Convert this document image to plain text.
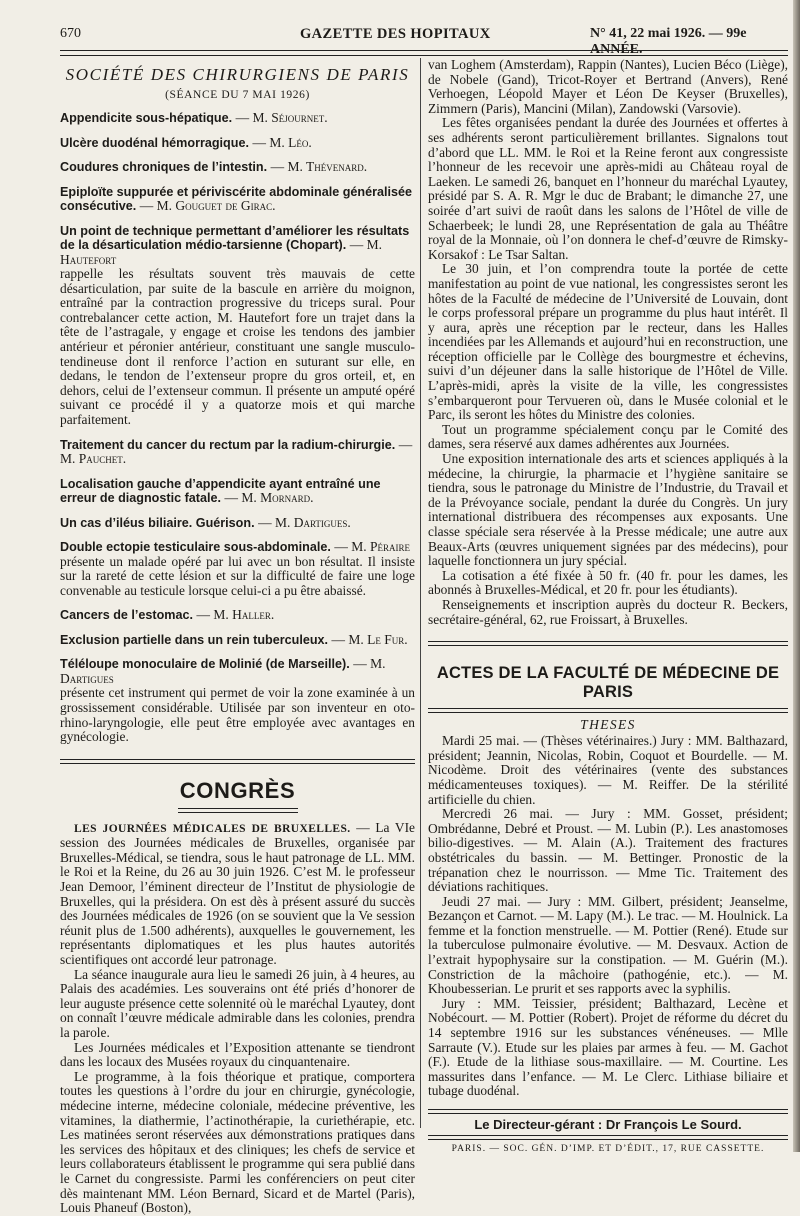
670	GAZETTE DES HOPITAUX	N° 41, 22 mai 1926. — 99e ANNÉE.
SOCIÉTÉ DES CHIRURGIENS DE PARIS
(SÉANCE DU 7 MAI 1926)
Appendicite sous-hépatique. — M. Séjournet.
Ulcère duodénal hémorragique. — M. Léo.
Coudures chroniques de l’intestin. — M. Thévenard.
Epiploïte suppurée et périviscérite abdominale généralisée consécutive. — M. Gouguet de Girac.
Un point de technique permettant d’améliorer les résultats de la désarticulation médio-tarsienne (Chopart). — M. Hautefort

rappelle les résultats souvent très mauvais de cette désarticulation, par suite de la bascule en arrière du moignon, entraîné par la contraction progressive du triceps sural. Pour contrebalancer cette action, M. Hautefort fore un trajet dans la tête de l’astragale, y engage et croise les tendons des jambier antérieur et péronier antérieur, constituant une sangle musculo-tendineuse dont il renforce l’action en suturant sur elle, en dedans, le tendon de l’extenseur propre du gros orteil, et, en dehors, celui de l’extenseur commun. Il présente un amputé opéré suivant ce procédé il y a quatorze mois et qui marche parfaitement.

Traitement du cancer du rectum par la radium-chirurgie. — M. Pauchet.
Localisation gauche d’appendicite ayant entraîné une erreur de diagnostic fatale. — M. Mornard.
Un cas d’iléus biliaire. Guérison. — M. Dartigues.
Double ectopie testiculaire sous-abdominale. — M. Péraire

présente un malade opéré par lui avec un bon résultat. Il insiste sur la rareté de cette lésion et sur la difficulté de faire une loge convenable au testicule lorsque celui-ci a pu être abaissé.

Cancers de l’estomac. — M. Haller.
Exclusion partielle dans un rein tuberculeux. — M. Le Fur.
Téléloupe monoculaire de Molinié (de Marseille). — M. Dartigues

présente cet instrument qui permet de voir la zone examinée à un grossissement considérable. Utilisée par son inventeur en oto-rhino-laryngologie, elle peut être employée avec avantages en gynécologie.

CONGRÈS

LES JOURNÉES MÉDICALES DE BRUXELLES. — La VIe session des Journées médicales de Bruxelles, organisée par Bruxelles-Médical, se tiendra, sous le haut patronage de LL. MM. le Roi et la Reine, du 26 au 30 juin 1926. C’est M. le professeur Jean Demoor, l’éminent directeur de l’Institut de physiologie de Bruxelles, qui la présidera. On est dès à présent assuré du succès des Journées médicales de 1926 (on se souvient que la Ve session réunit plus de 1.500 adhérents), auxquelles le gouvernement, les représentants diplomatiques et les plus hautes autorités scientifiques ont accordé leur patronage.

La séance inaugurale aura lieu le samedi 26 juin, à 4 heures, au Palais des académies. Les souverains ont été priés d’honorer de leur auguste présence cette solennité où le maréchal Lyautey, dont on connaît l’œuvre médicale admirable dans les colonies, prendra la parole.

Les Journées médicales et l’Exposition attenante se tiendront dans les locaux des Musées royaux du cinquantenaire.

Le programme, à la fois théorique et pratique, comportera toutes les questions à l’ordre du jour en chirurgie, gynécologie, médecine interne, médecine coloniale, médecine préventive, les vitamines, la diathermie, l’actinothérapie, la curiethérapie, etc. Les matinées seront réservées aux démonstrations pratiques dans les services des hôpitaux et des cliniques; les chefs de service et leurs collaborateurs établissent le programme qui sera publié dans le Carnet du congressiste. Parmi les conférenciers on peut citer dès maintenant MM. Léon Bernard, Sicard et de Martel (Paris), Louis Phaneuf (Boston),

van Loghem (Amsterdam), Rappin (Nantes), Lucien Béco (Liège), de Nobele (Gand), Tricot-Royer et Bertrand (Anvers), René Verhoegen, Léopold Mayer et Léon De Keyser (Bruxelles), Zimmern (Paris), Mancini (Milan), Zandowski (Varsovie).

Les fêtes organisées pendant la durée des Journées et offertes à ses adhérents seront particulièrement brillantes. Signalons tout d’abord que LL. MM. le Roi et la Reine feront aux congressiste l’honneur de les recevoir une après-midi au Château royal de Laeken. Le samedi 26, banquet en l’honneur du maréchal Lyautey, présidé par S. A. R. Mgr le duc de Brabant; le dimanche 27, une soirée d’art suivi de raoût dans les salons de l’Hôtel de ville de Schaerbeek; le lundi 28, une Représentation de gala au Théâtre royal de la Monnaie, où l’on donnera le chef-d’œuvre de Rimsky-Korsakof : Le Tsar Saltan.

Le 30 juin, et l’on comprendra toute la portée de cette manifestation au point de vue national, les congressistes seront les hôtes de la Faculté de médecine de l’Université de Louvain, dont le corps professoral prépare un programme du plus haut intérêt. Il y aura, après une réception par le recteur, dans les Halles incendiées par les Allemands et aujourd’hui en reconstruction, une réception officielle par le Collège des bourgmestre et échevins, suivi d’un déjeuner dans la salle historique de l’Hôtel de Ville. L’après-midi, après la visite de la ville, les congressistes s’embarqueront pour Tervueren où, dans le Musée colonial et le Parc, ils seront les hôtes du Ministre des colonies.

Tout un programme spécialement conçu par le Comité des dames, sera réservé aux dames adhérentes aux Journées.

Une exposition internationale des arts et sciences appliqués à la médecine, la chirurgie, la pharmacie et l’hygiène sanitaire se tiendra, sous le patronage du Ministre de l’Industrie, du Travail et de la Prévoyance sociale, pendant la durée du Congrès. Un jury international distribuera des récompenses aux exposants. Une classe spéciale sera réservée à la Presse médicale; une autre aux Beaux-Arts (œuvres uniquement signées par des médecins), pour laquelle fonctionnera un jury spécial.

La cotisation a été fixée à 50 fr. (40 fr. pour les dames, les abonnés à Bruxelles-Médical, et 20 fr. pour les étudiants).

Renseignements et inscription auprès du docteur R. Beckers, secrétaire-général, 62, rue Froissart, à Bruxelles.

ACTES DE LA FACULTÉ DE MÉDECINE DE PARIS
THESES

Mardi 25 mai. — (Thèses vétérinaires.) Jury : MM. Balthazard, président; Jeannin, Nicolas, Robin, Coquot et Bourdelle. — M. Nicodème. Droit des vétérinaires (vente des substances médicamenteuses toxiques). — M. Reiffer. De la stérilité artificielle du chien.

Mercredi 26 mai. — Jury : MM. Gosset, président; Ombrédanne, Debré et Proust. — M. Lubin (P.). Les anastomoses bilio-digestives. — M. Alain (A.). Traitement des fractures obstétricales du bassin. — M. Bettinger. Pronostic de la trépanation chez le nourrisson. — Mme Tic. Traitement des déviations rachitiques.

Jeudi 27 mai. — Jury : MM. Gilbert, président; Jeanselme, Bezançon et Carnot. — M. Lapy (M.). Le trac. — M. Houlnick. La femme et la fonction menstruelle. — M. Pottier (René). Etude sur la tuberculose pulmonaire évolutive. — M. Desvaux. Action de l’extrait hypophysaire sur la constipation. — M. Guérin (M.). Constriction de la mâchoire (pathogénie, etc.). — M. Khoubesserian. Le prurit et ses rapports avec la syphilis.

Jury : MM. Teissier, président; Balthazard, Lecène et Nobécourt. — M. Pottier (Robert). Projet de réforme du décret du 14 septembre 1916 sur les substances vénéneuses. — Mlle Sarraute (V.). Etude sur les plaies par armes à feu. — M. Gachot (F.). Etude de la lithiase sous-maxillaire. — M. Courtine. Les massurites dans l’enfance. — M. Le Clerc. Lithiase biliaire et tubage duodénal.

Le Directeur-gérant : Dr François Le Sourd.
PARIS. — SOC. GÉN. D’IMP. ET D’ÉDIT., 17, RUE CASSETTE.
